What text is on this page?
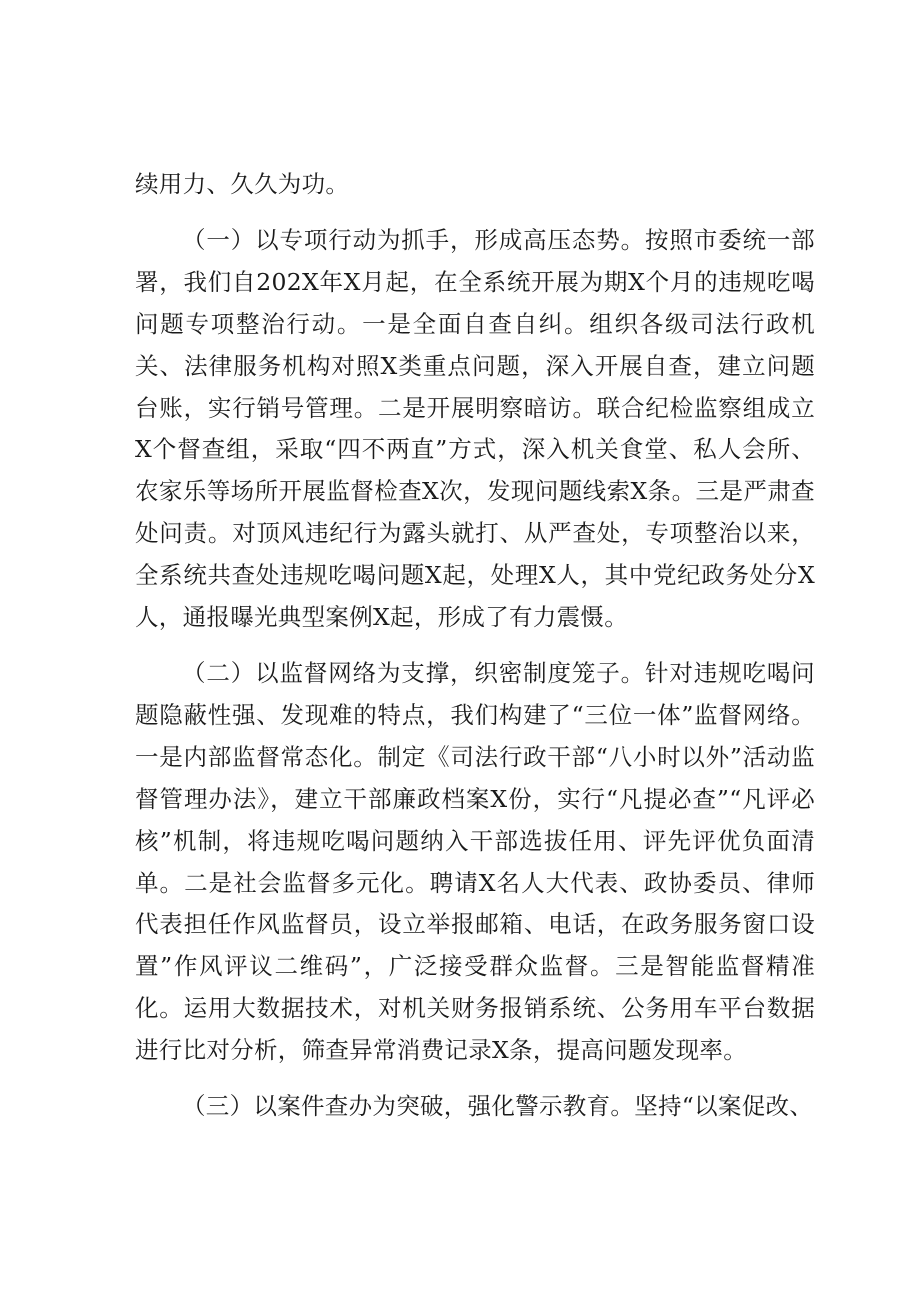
续用力、久久为功。

（一）以专项行动为抓手，形成高压态势。按照市委统一部署，我们自202X年X月起，在全系统开展为期X个月的违规吃喝问题专项整治行动。一是全面自查自纠。组织各级司法行政机关、法律服务机构对照X类重点问题，深入开展自查，建立问题台账，实行销号管理。二是开展明察暗访。联合纪检监察组成立X个督查组，采取“四不两直”方式，深入机关食堂、私人会所、农家乐等场所开展监督检查X次，发现问题线索X条。三是严肃查处问责。对顶风违纪行为露头就打、从严查处，专项整治以来，全系统共查处违规吃喝问题X起，处理X人，其中党纪政务处分X人，通报曝光典型案例X起，形成了有力震慑。

（二）以监督网络为支撑，织密制度笼子。针对违规吃喝问题隐蔽性强、发现难的特点，我们构建了“三位一体”监督网络。一是内部监督常态化。制定《司法行政干部“八小时以外”活动监督管理办法》，建立干部廉政档案X份，实行“凡提必查”“凡评必核”机制，将违规吃喝问题纳入干部选拔任用、评先评优负面清单。二是社会监督多元化。聘请X名人大代表、政协委员、律师代表担任作风监督员，设立举报邮箱、电话，在政务服务窗口设置”作风评议二维码”，广泛接受群众监督。三是智能监督精准化。运用大数据技术，对机关财务报销系统、公务用车平台数据进行比对分析，筛查异常消费记录X条，提高问题发现率。

（三）以案件查办为突破，强化警示教育。坚持“以案促改、
